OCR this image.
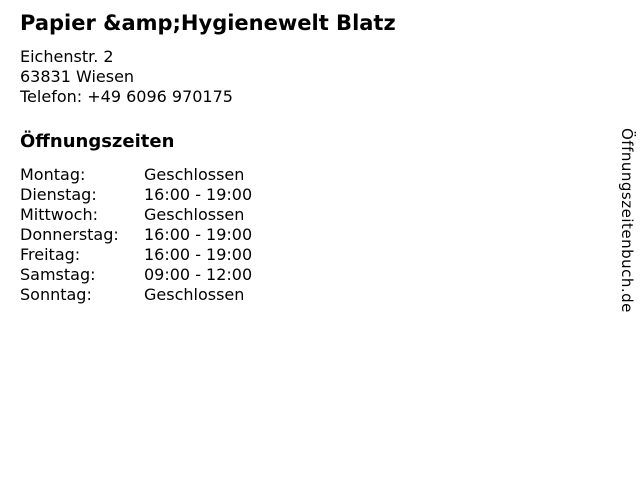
Papier &amp;Hygienewelt Blatz
Eichenstr. 2
63831 Wiesen
Telefon: +49 6096 970175
Öffnungszeiten
Montag:	Geschlossen
Dienstag:	16:00 - 19:00
Mittwoch:	Geschlossen
Donnerstag:	16:00 - 19:00
Freitag:	16:00 - 19:00
Samstag:	09:00 - 12:00
Sonntag:	Geschlossen	Öffnungszeitenbuch.de
